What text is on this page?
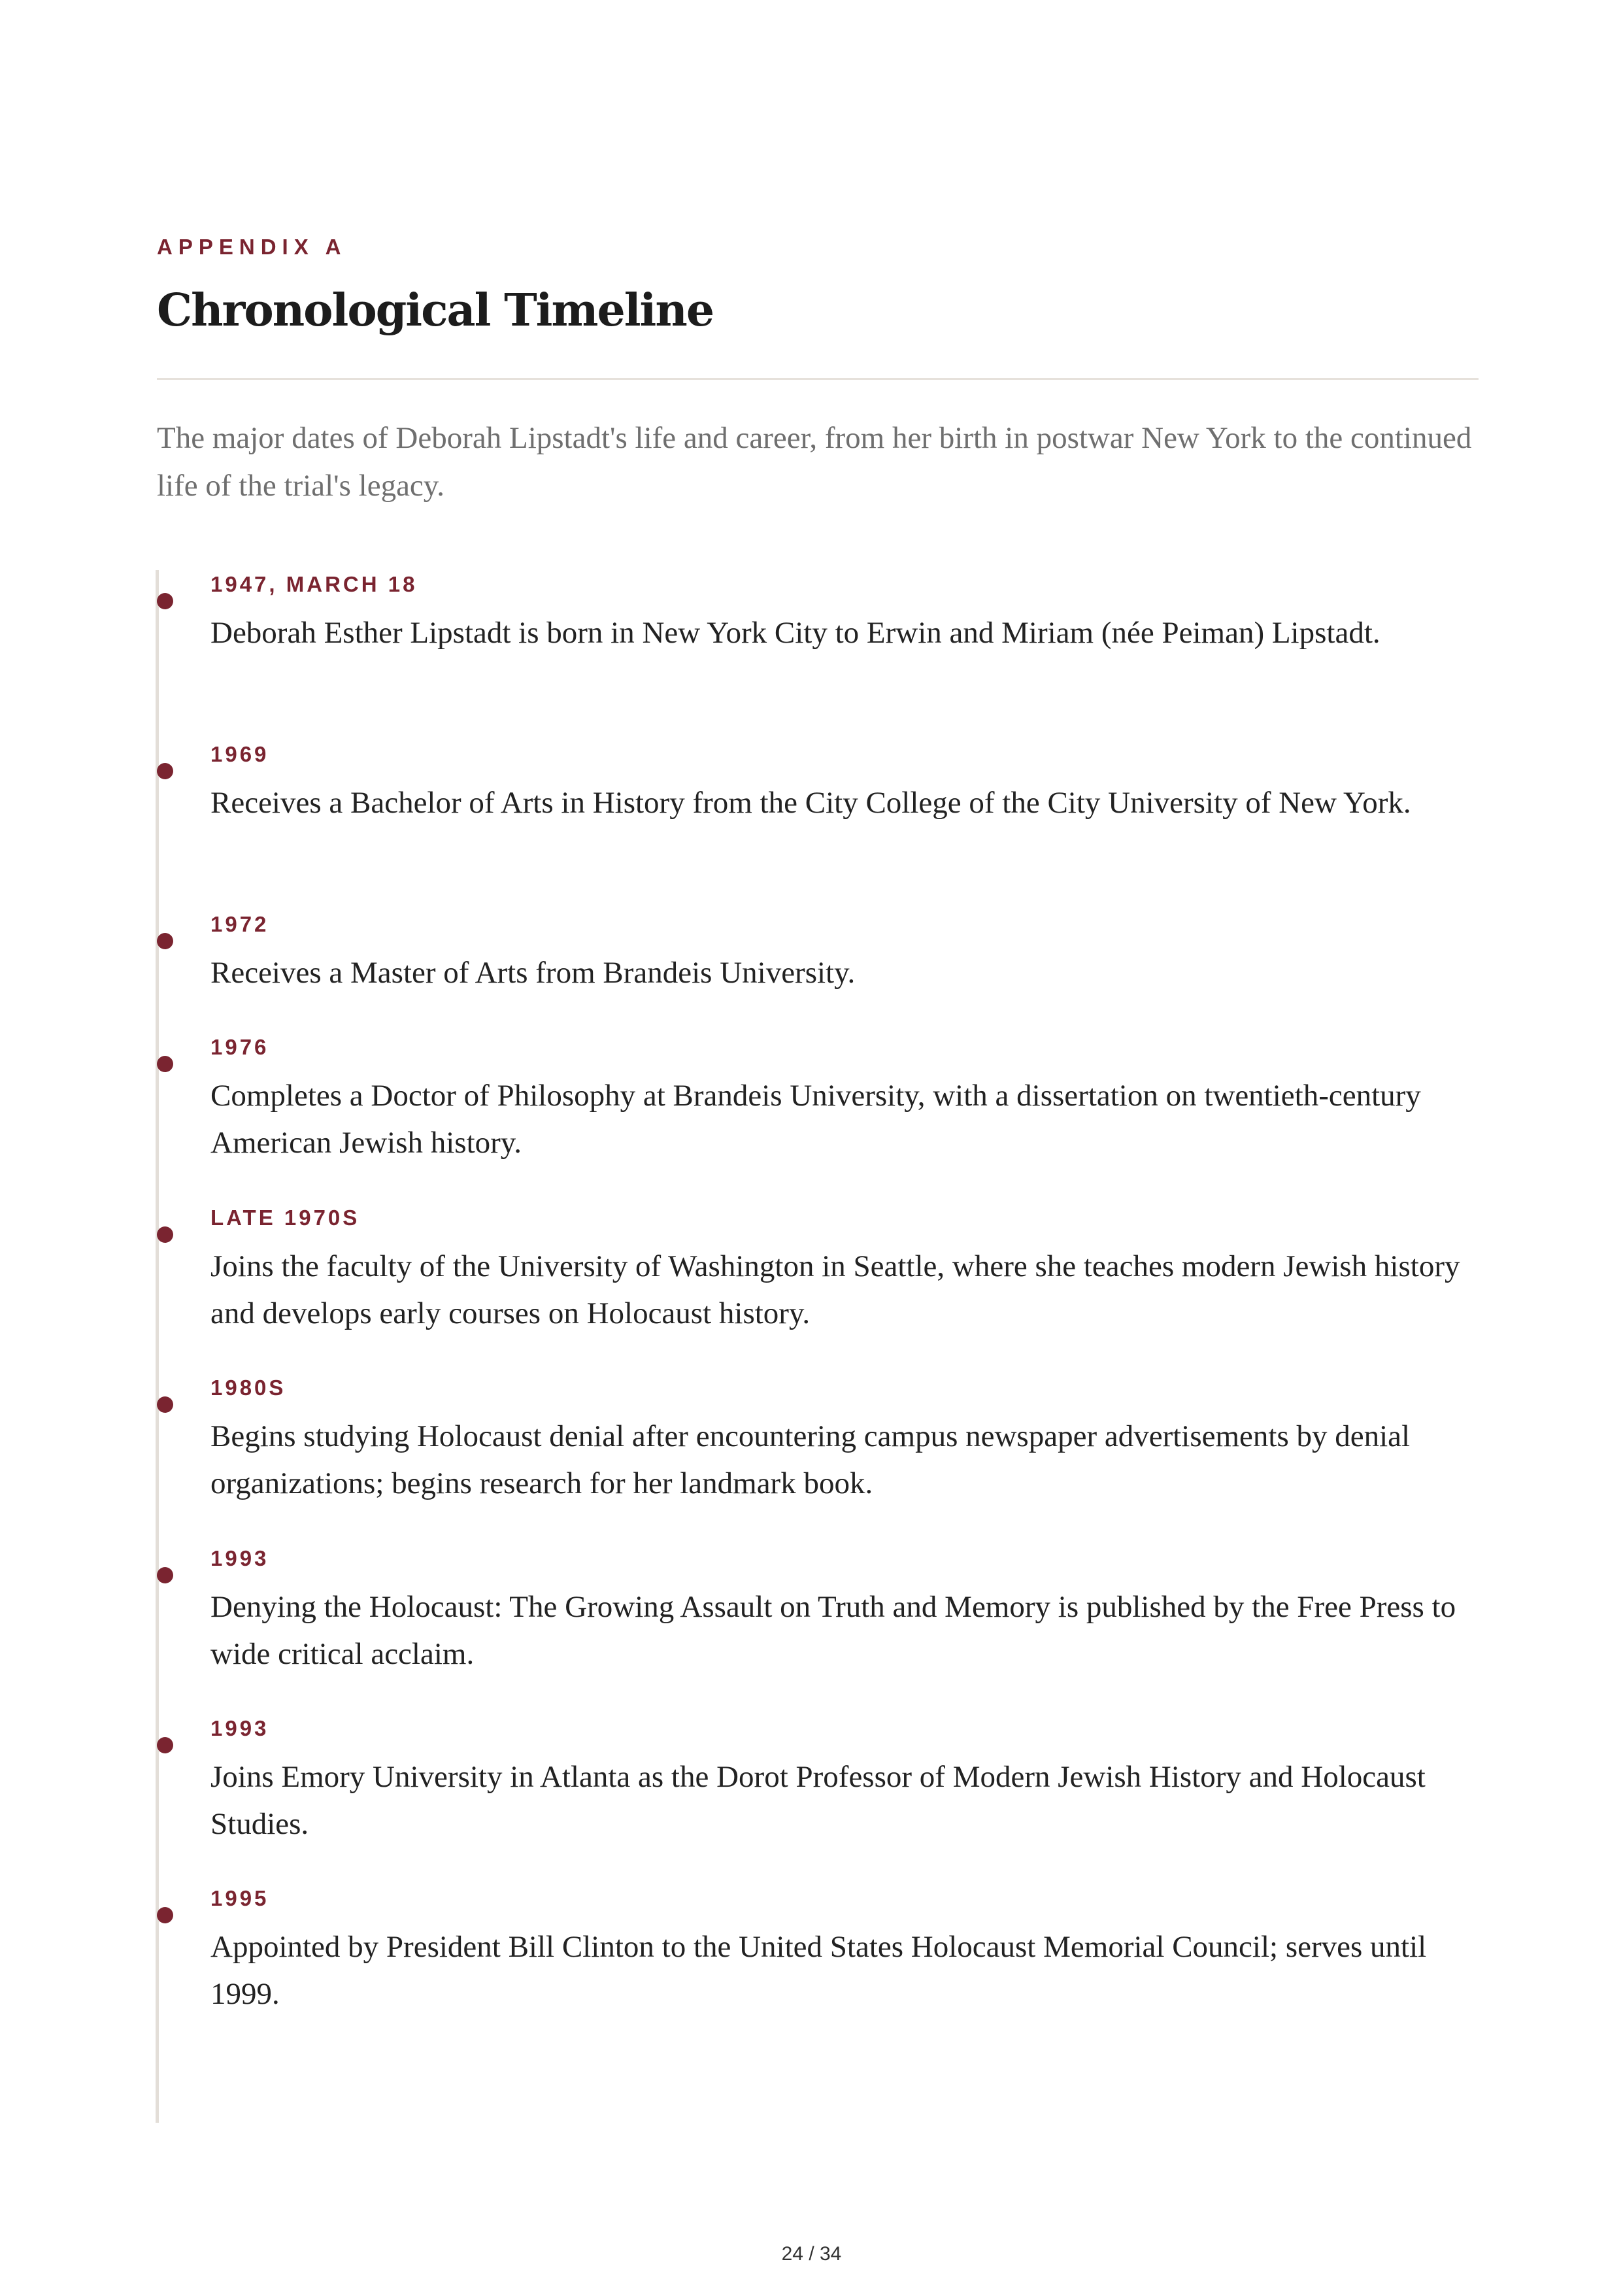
APPENDIX A
Chronological Timeline

The major dates of Deborah Lipstadt's life and career, from her birth in postwar New York to the continued life of the trial's legacy.

1947, MARCH 18

Deborah Esther Lipstadt is born in New York City to Erwin and Miriam (née Peiman) Lipstadt.

1969

Receives a Bachelor of Arts in History from the City College of the City University of New York.

1972

Receives a Master of Arts from Brandeis University.

1976

Completes a Doctor of Philosophy at Brandeis University, with a dissertation on twentieth-century American Jewish history.

LATE 1970S

Joins the faculty of the University of Washington in Seattle, where she teaches modern Jewish history and develops early courses on Holocaust history.

1980S

Begins studying Holocaust denial after encountering campus newspaper advertisements by denial organizations; begins research for her landmark book.

1993

Denying the Holocaust: The Growing Assault on Truth and Memory is published by the Free Press to wide critical acclaim.

1993

Joins Emory University in Atlanta as the Dorot Professor of Modern Jewish History and Holocaust Studies.

1995

Appointed by President Bill Clinton to the United States Holocaust Memorial Council; serves until 1999.

24 / 34
